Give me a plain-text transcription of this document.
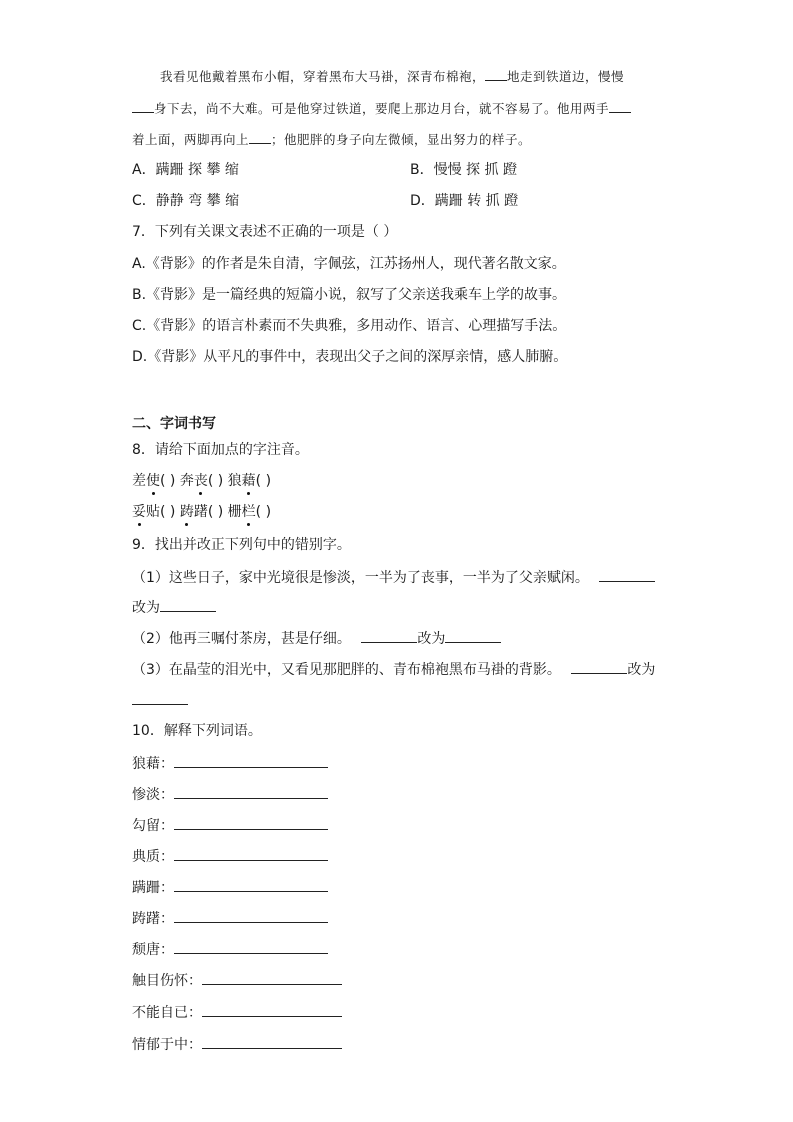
我看见他戴着黑布小帽，穿着黑布大马褂，深青布棉袍， 地走到铁道边，慢慢
身下去，尚不大难。可是他穿过铁道，要爬上那边月台，就不容易了。他用两手
着上面，两脚再向上 ；他肥胖的身子向左微倾，显出努力的样子。
A．蹒跚 探 攀 缩	B．慢慢 探 抓 蹬
C．静静 弯 攀 缩	D．蹒跚 转 抓 蹬
7．下列有关课文表述不正确的一项是（ ）
A.《背影》的作者是朱自清，字佩弦，江苏扬州人，现代著名散文家。
B.《背影》是一篇经典的短篇小说，叙写了父亲送我乘车上学的故事。
C.《背影》的语言朴素而不失典雅，多用动作、语言、心理描写手法。
D.《背影》从平凡的事件中，表现出父子之间的深厚亲情，感人肺腑。
二、字词书写
8．请给下面加点的字注音。
差使( ) 奔丧( ) 狼藉( )
妥贴( ) 踌躇( ) 栅栏( )
9．找出并改正下列句中的错别字。
（1）这些日子，家中光境很是惨淡，一半为了丧事，一半为了父亲赋闲。
改为
（2）他再三嘱付茶房，甚是仔细。	改为
（3）在晶莹的泪光中，又看见那肥胖的、青布棉袍黑布马褂的背影。	改为
10．解释下列词语。
狼藉：
惨淡：
勾留：
典质：
蹒跚：
踌躇：
颓唐：
触目伤怀：
不能自已：
情郁于中：
